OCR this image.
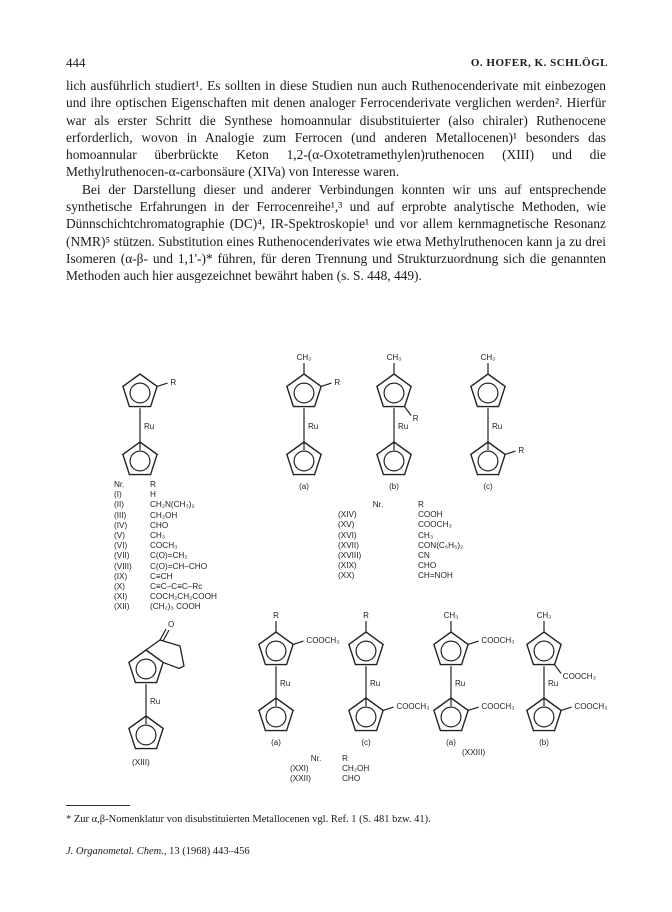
444	O. HOFER, K. SCHLÖGL

lich ausführlich studiert¹. Es sollten in diese Studien nun auch Ruthenocenderivate mit einbezogen und ihre optischen Eigenschaften mit denen analoger Ferrocenderivate verglichen werden². Hierfür war als erster Schritt die Synthese homoannular disubstituierter (also chiraler) Ruthenocene erforderlich, wovon in Analogie zum Ferrocen (und anderen Metallocenen)¹ besonders das homoannular überbrückte Keton 1,2-(α-Oxotetramethylen)ruthenocen (XIII) und die Methylruthenocen-α-carbonsäure (XIVa) von Interesse waren.

Bei der Darstellung dieser und anderer Verbindungen konnten wir uns auf entsprechende synthetische Erfahrungen in der Ferrocenreihe¹,³ und auf erprobte analytische Methoden, wie Dünnschichtchromatographie (DC)⁴, IR-Spektroskopie¹ und vor allem kernmagnetische Resonanz (NMR)⁵ stützen. Substitution eines Ruthenocenderivates wie etwa Methylruthenocen kann ja zu drei Isomeren (α-β- und 1,1'-)* führen, für deren Trennung und Strukturzuordnung sich die genannten Methoden auch hier ausgezeichnet bewährt haben (s. S. 448, 449).

Ru
R
Ru
CH₃
R
Ru
CH₃
R
Ru
CH₃
R
(a)	(b)	(c)
Ru
O
Ru
R
COOCH₃
Ru
R
COOCH₃
Ru
CH₃
COOCH₃
COOCH₃
Ru
CH₃
COOCH₃
COOCH₃
(a)	(c)	(a)	(b)
Nr.	R
(I)	H
(II)	CH₂N(CH₃)₂
(III)	CH₂OH
(IV)	CHO
(V)	CH₃
(VI)	COCH₃
(VII)	C(O)=CH₂
(VIII)	C(O)=CH–CHO
(IX)	C≡CH
(X)	C≡C–C≡C–Rc
(XI)	COCH₂CH₂COOH
(XII)	(CH₂)₃ COOH
Nr.	R
(XIV)	COOH
(XV)	COOCH₃
(XVI)	CH₃
(XVII)	CON(C₆H₅)₂
(XVIII)	CN
(XIX)	CHO
(XX)	CH=NOH
Nr.	R
(XXI)	CH₂OH
(XXII)	CHO
(XIII)
(XXIII)
* Zur α,β-Nomenklatur von disubstituierten Metallocenen vgl. Ref. 1 (S. 481 bzw. 41).
J. Organometal. Chem., 13 (1968) 443–456
